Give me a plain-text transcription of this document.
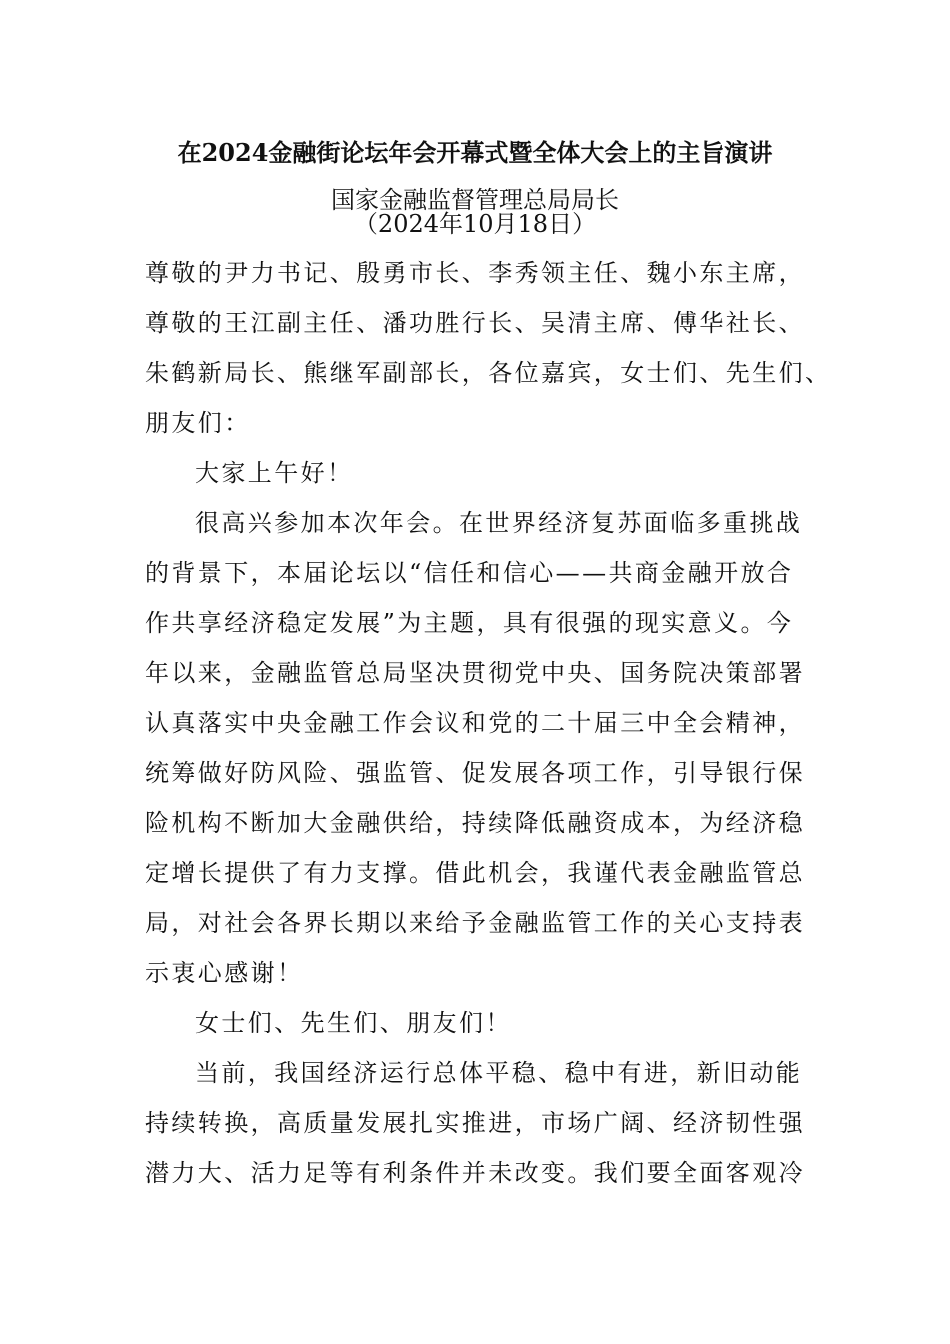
在2024金融街论坛年会开幕式暨全体大会上的主旨演讲
国家金融监督管理总局局长
（2024年10月18日）
尊敬的尹力书记、殷勇市长、李秀领主任、魏小东主席，
尊敬的王江副主任、潘功胜行长、吴清主席、傅华社长、
朱鹤新局长、熊继军副部长，各位嘉宾，女士们、先生们、
朋友们：
大家上午好！
很高兴参加本次年会。在世界经济复苏面临多重挑战
的背景下，本届论坛以“信任和信心——共商金融开放合
作共享经济稳定发展”为主题，具有很强的现实意义。今
年以来，金融监管总局坚决贯彻党中央、国务院决策部署
认真落实中央金融工作会议和党的二十届三中全会精神，
统筹做好防风险、强监管、促发展各项工作，引导银行保
险机构不断加大金融供给，持续降低融资成本，为经济稳
定增长提供了有力支撑。借此机会，我谨代表金融监管总
局，对社会各界长期以来给予金融监管工作的关心支持表
示衷心感谢！
女士们、先生们、朋友们！
当前，我国经济运行总体平稳、稳中有进，新旧动能
持续转换，高质量发展扎实推进，市场广阔、经济韧性强
潜力大、活力足等有利条件并未改变。我们要全面客观冷
